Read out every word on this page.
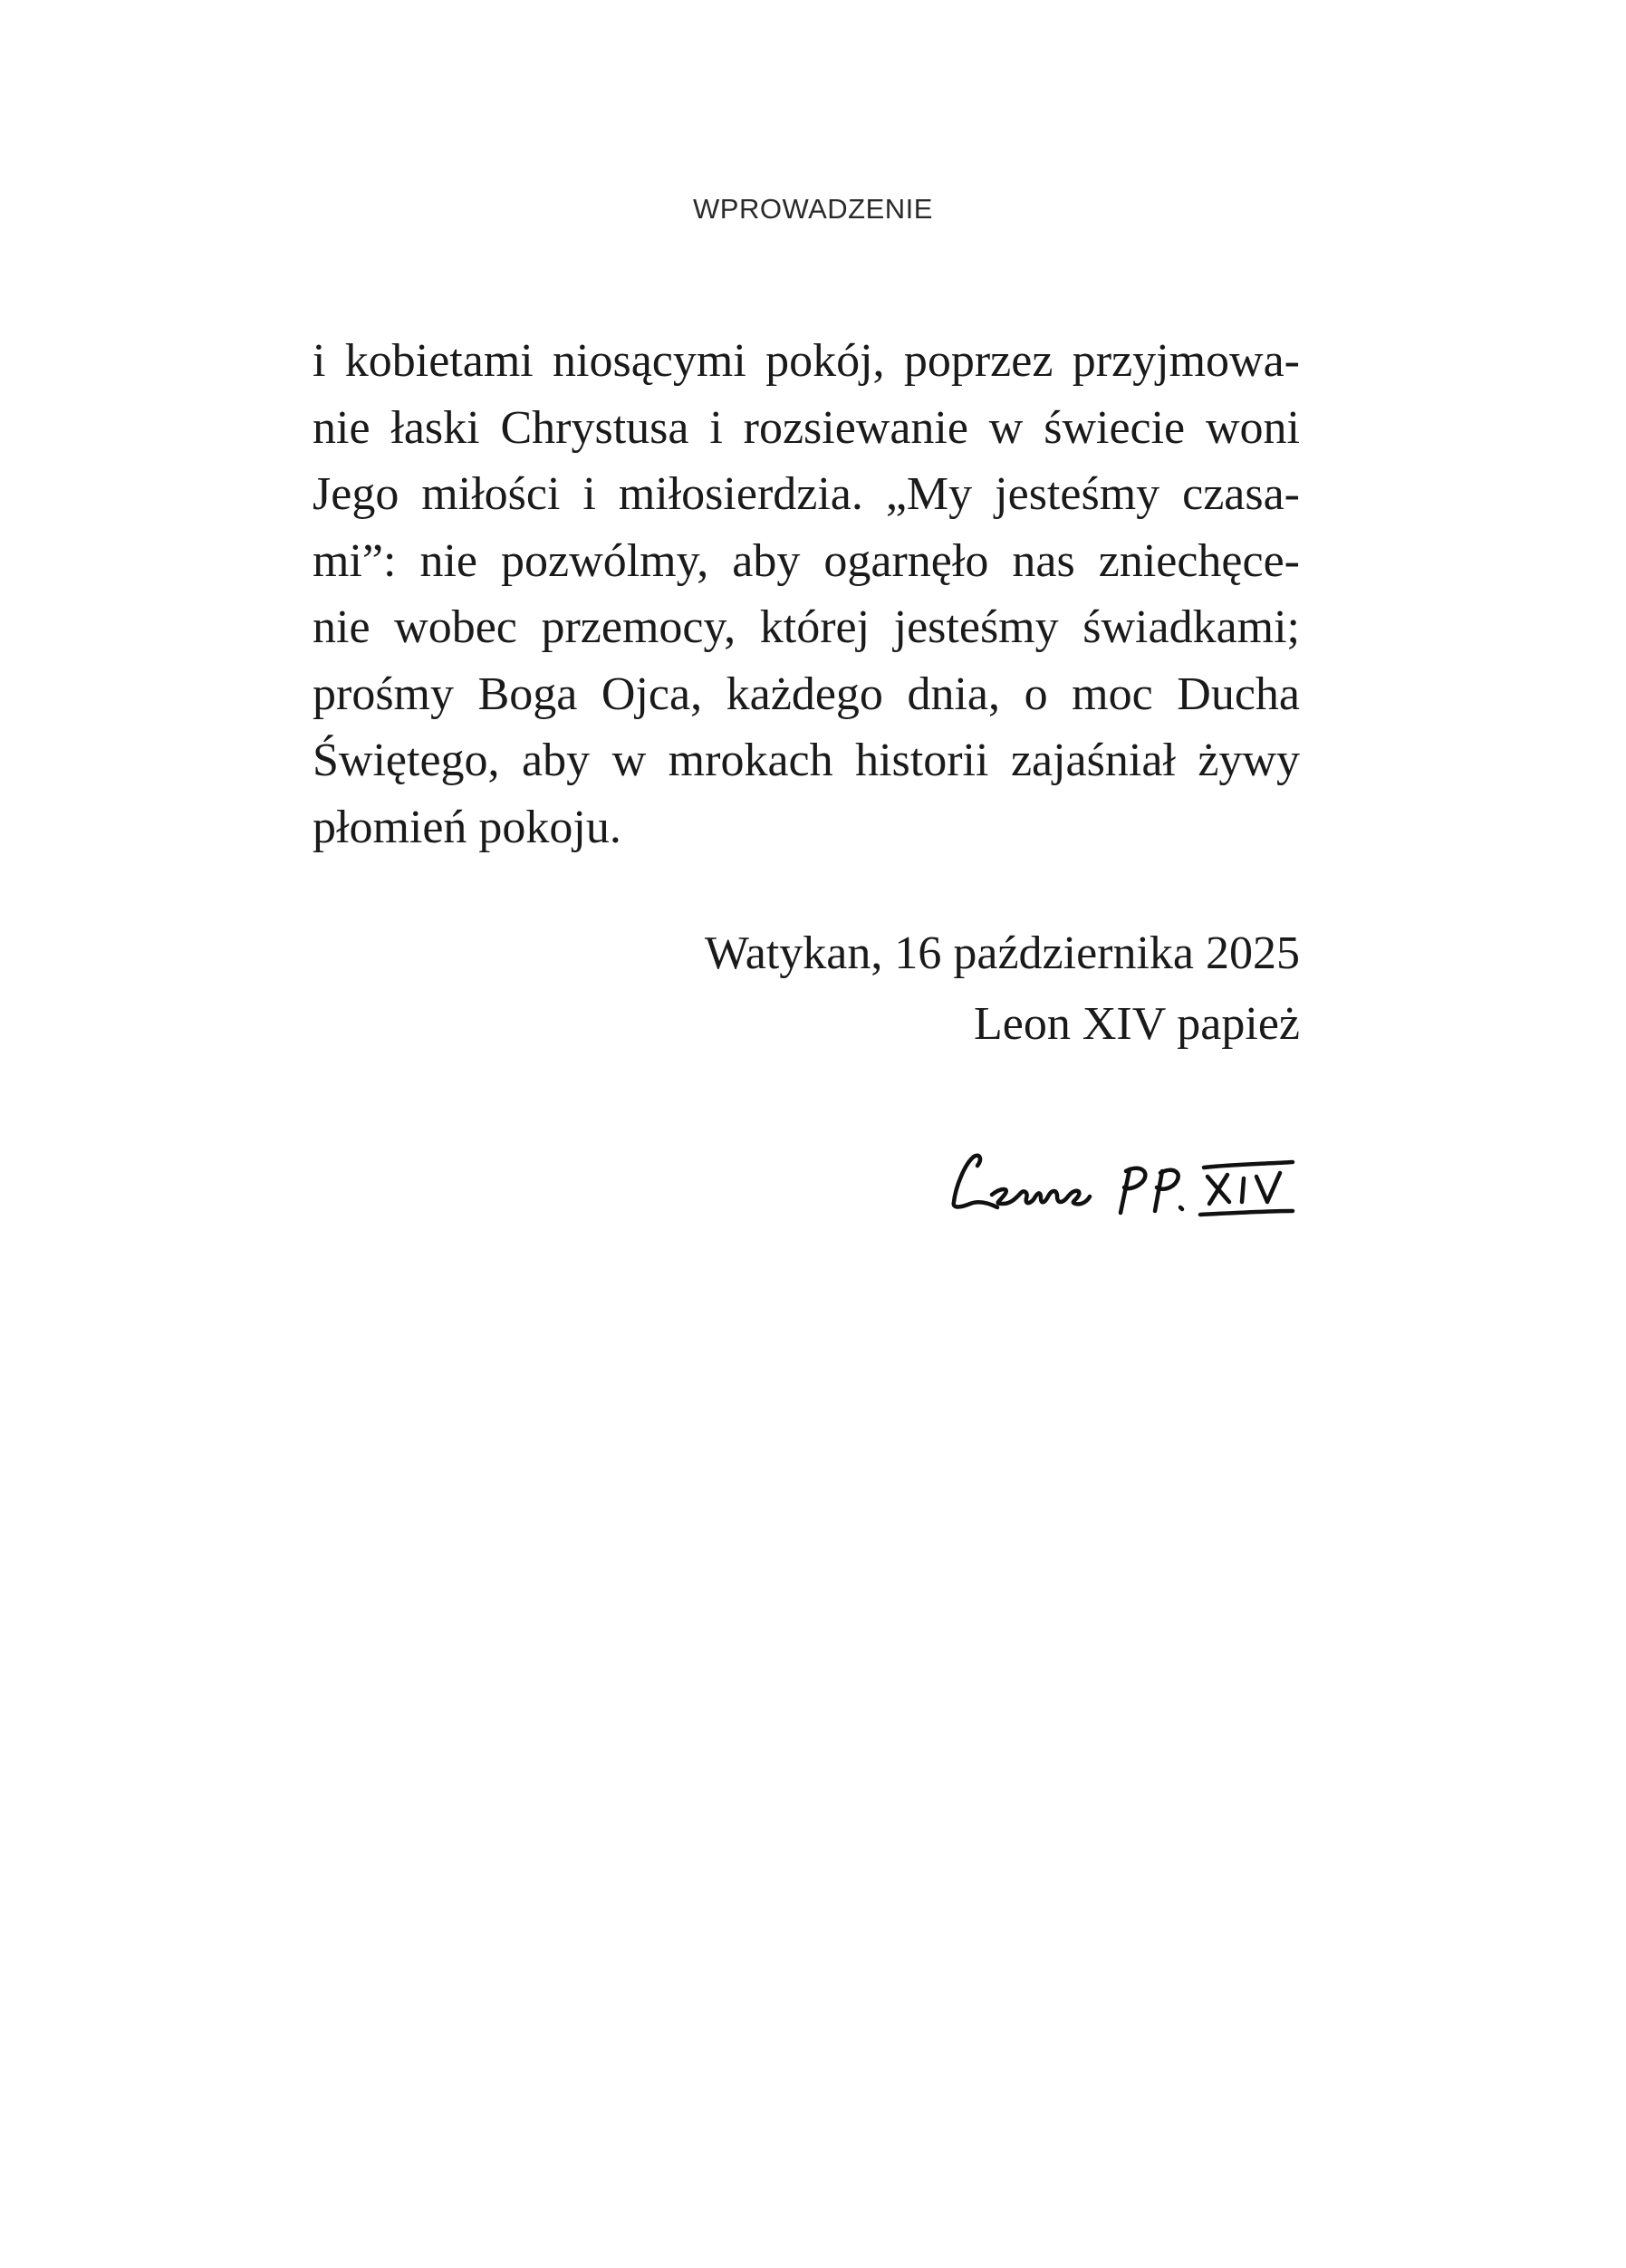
WPROWADZENIE
i kobietami niosącymi pokój, poprzez przyjmowa-
nie łaski Chrystusa i rozsiewanie w świecie woni
Jego miłości i miłosierdzia. „My jesteśmy czasa-
mi”: nie pozwólmy, aby ogarnęło nas zniechęce-
nie wobec przemocy, której jesteśmy świadkami;
prośmy Boga Ojca, każdego dnia, o moc Ducha
Świętego, aby w mrokach historii zajaśniał żywy
płomień pokoju.
Watykan, 16 października 2025
Leon XIV papież
